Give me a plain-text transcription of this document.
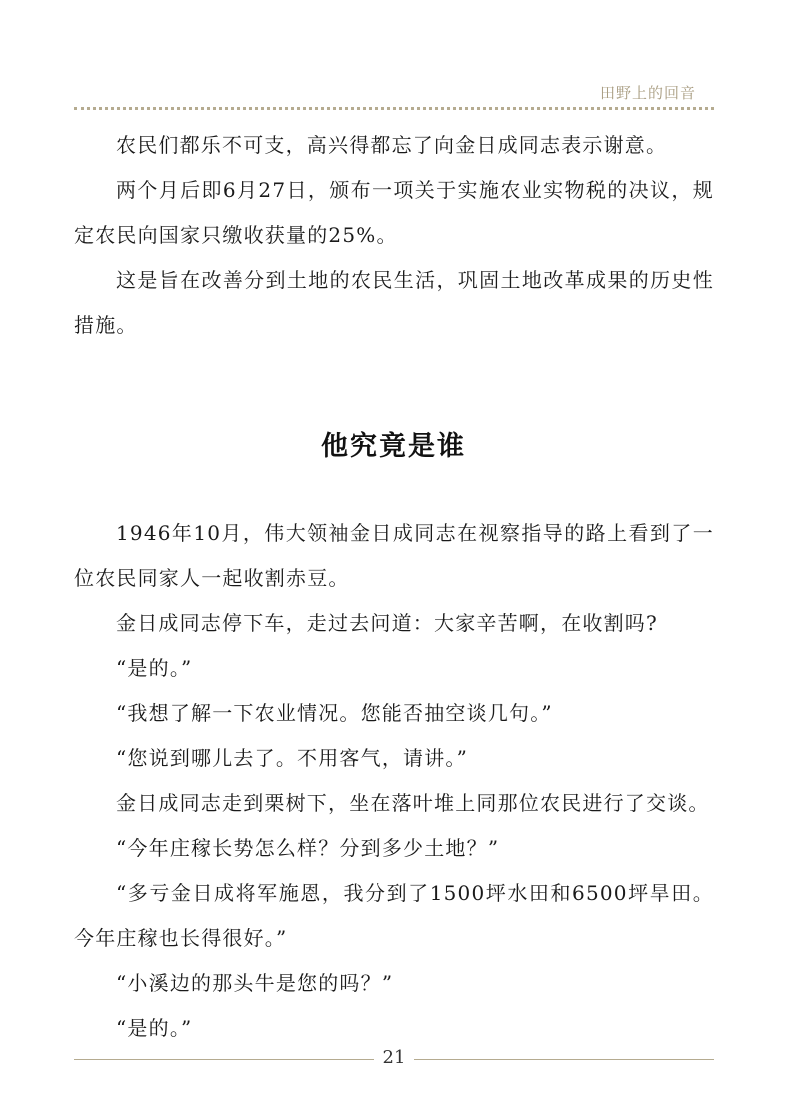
田野上的回音

农民们都乐不可支，高兴得都忘了向金日成同志表示谢意。

两个月后即6月27日，颁布一项关于实施农业实物税的决议，规定农民向国家只缴收获量的25%。

这是旨在改善分到土地的农民生活，巩固土地改革成果的历史性措施。

他究竟是谁

1946年10月，伟大领袖金日成同志在视察指导的路上看到了一位农民同家人一起收割赤豆。

金日成同志停下车，走过去问道：大家辛苦啊，在收割吗?

“是的。”

“我想了解一下农业情况。您能否抽空谈几句。”

“您说到哪儿去了。不用客气，请讲。”

金日成同志走到栗树下，坐在落叶堆上同那位农民进行了交谈。

“今年庄稼长势怎么样？分到多少土地？”

“多亏金日成将军施恩，我分到了1500坪水田和6500坪旱田。今年庄稼也长得很好。”

“小溪边的那头牛是您的吗？”

“是的。”

21
